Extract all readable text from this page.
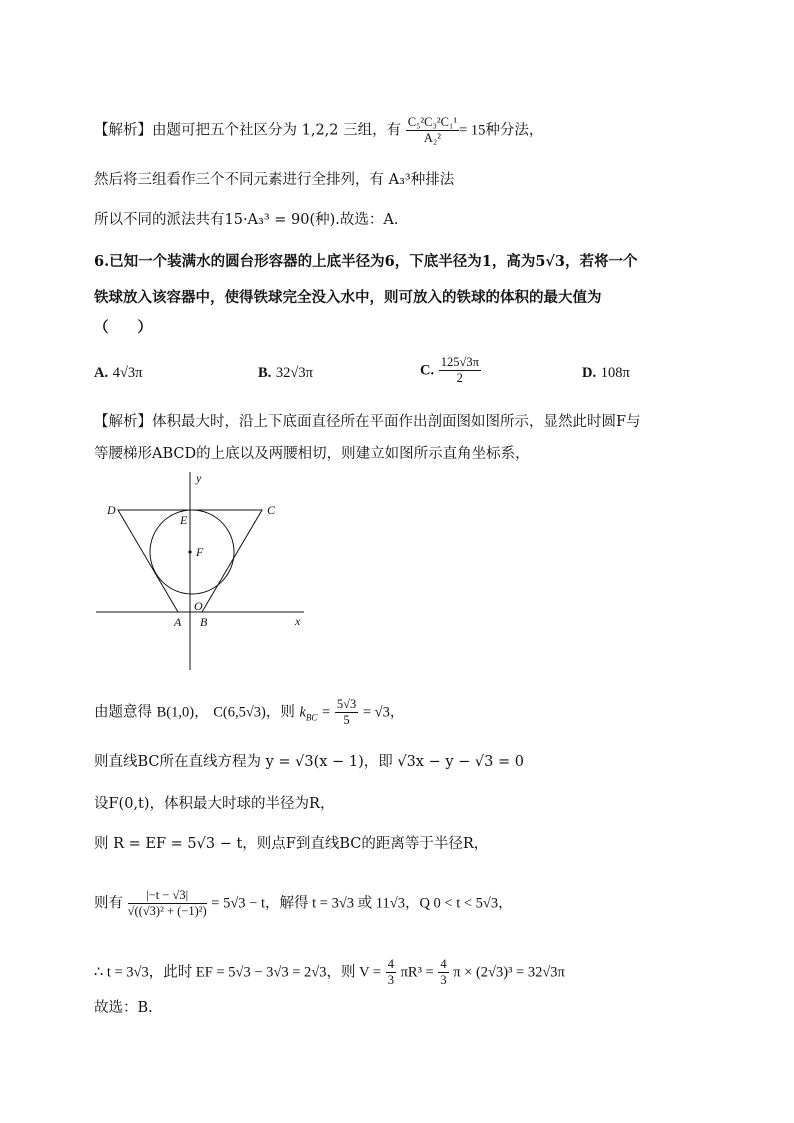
【解析】由题可把五个社区分为 1,2,2 三组，有 $\frac{\text{C₅²C₃²C₁¹}}{\text{A₂²}} = 15$种分法，
然后将三组看作三个不同元素进行全排列，有 A₃³种排法
所以不同的派法共有15·A₃³ = 90(种).故选：A.
6.已知一个装满水的圆台形容器的上底半径为6，下底半径为1，高为5√3，若将一个
铁球放入该容器中，使得铁球完全没入水中，则可放入的铁球的体积的最大值为
（　　）
A. 4√3π	B. 32√3π	C. $\frac{125√3\pi}{2}$	D. 108π
【解析】体积最大时，沿上下底面直径所在平面作出剖面图如图所示，显然此时圆F与
等腰梯形ABCD的上底以及两腰相切，则建立如图所示直角坐标系，
D	C
E
F
O
A B	x
y
由题意得 B(1,0)， C(6,5√3)，则 $k_{BC} = \frac{5√3}{5} = √3$，
则直线BC所在直线方程为 y = √3(x − 1)，即 √3x − y − √3 = 0
设F(0,t)，体积最大时球的半径为R，
则 R = EF = 5√3 − t，则点F到直线BC的距离等于半径R，
则有 $\frac{|-t - √3|}{\text{√((√3)² + (−1)²)}} = 5√3 - t$，解得 t = 3√3 或 11√3，Q 0 < t < 5√3，
∴ t = 3√3，此时 EF = 5√3 − 3√3 = 2√3，则 $V = \frac{4}{3} \pi R^3 = \frac{4}{3}$ π × (2√3)³ = 32√3π
故选：B.
